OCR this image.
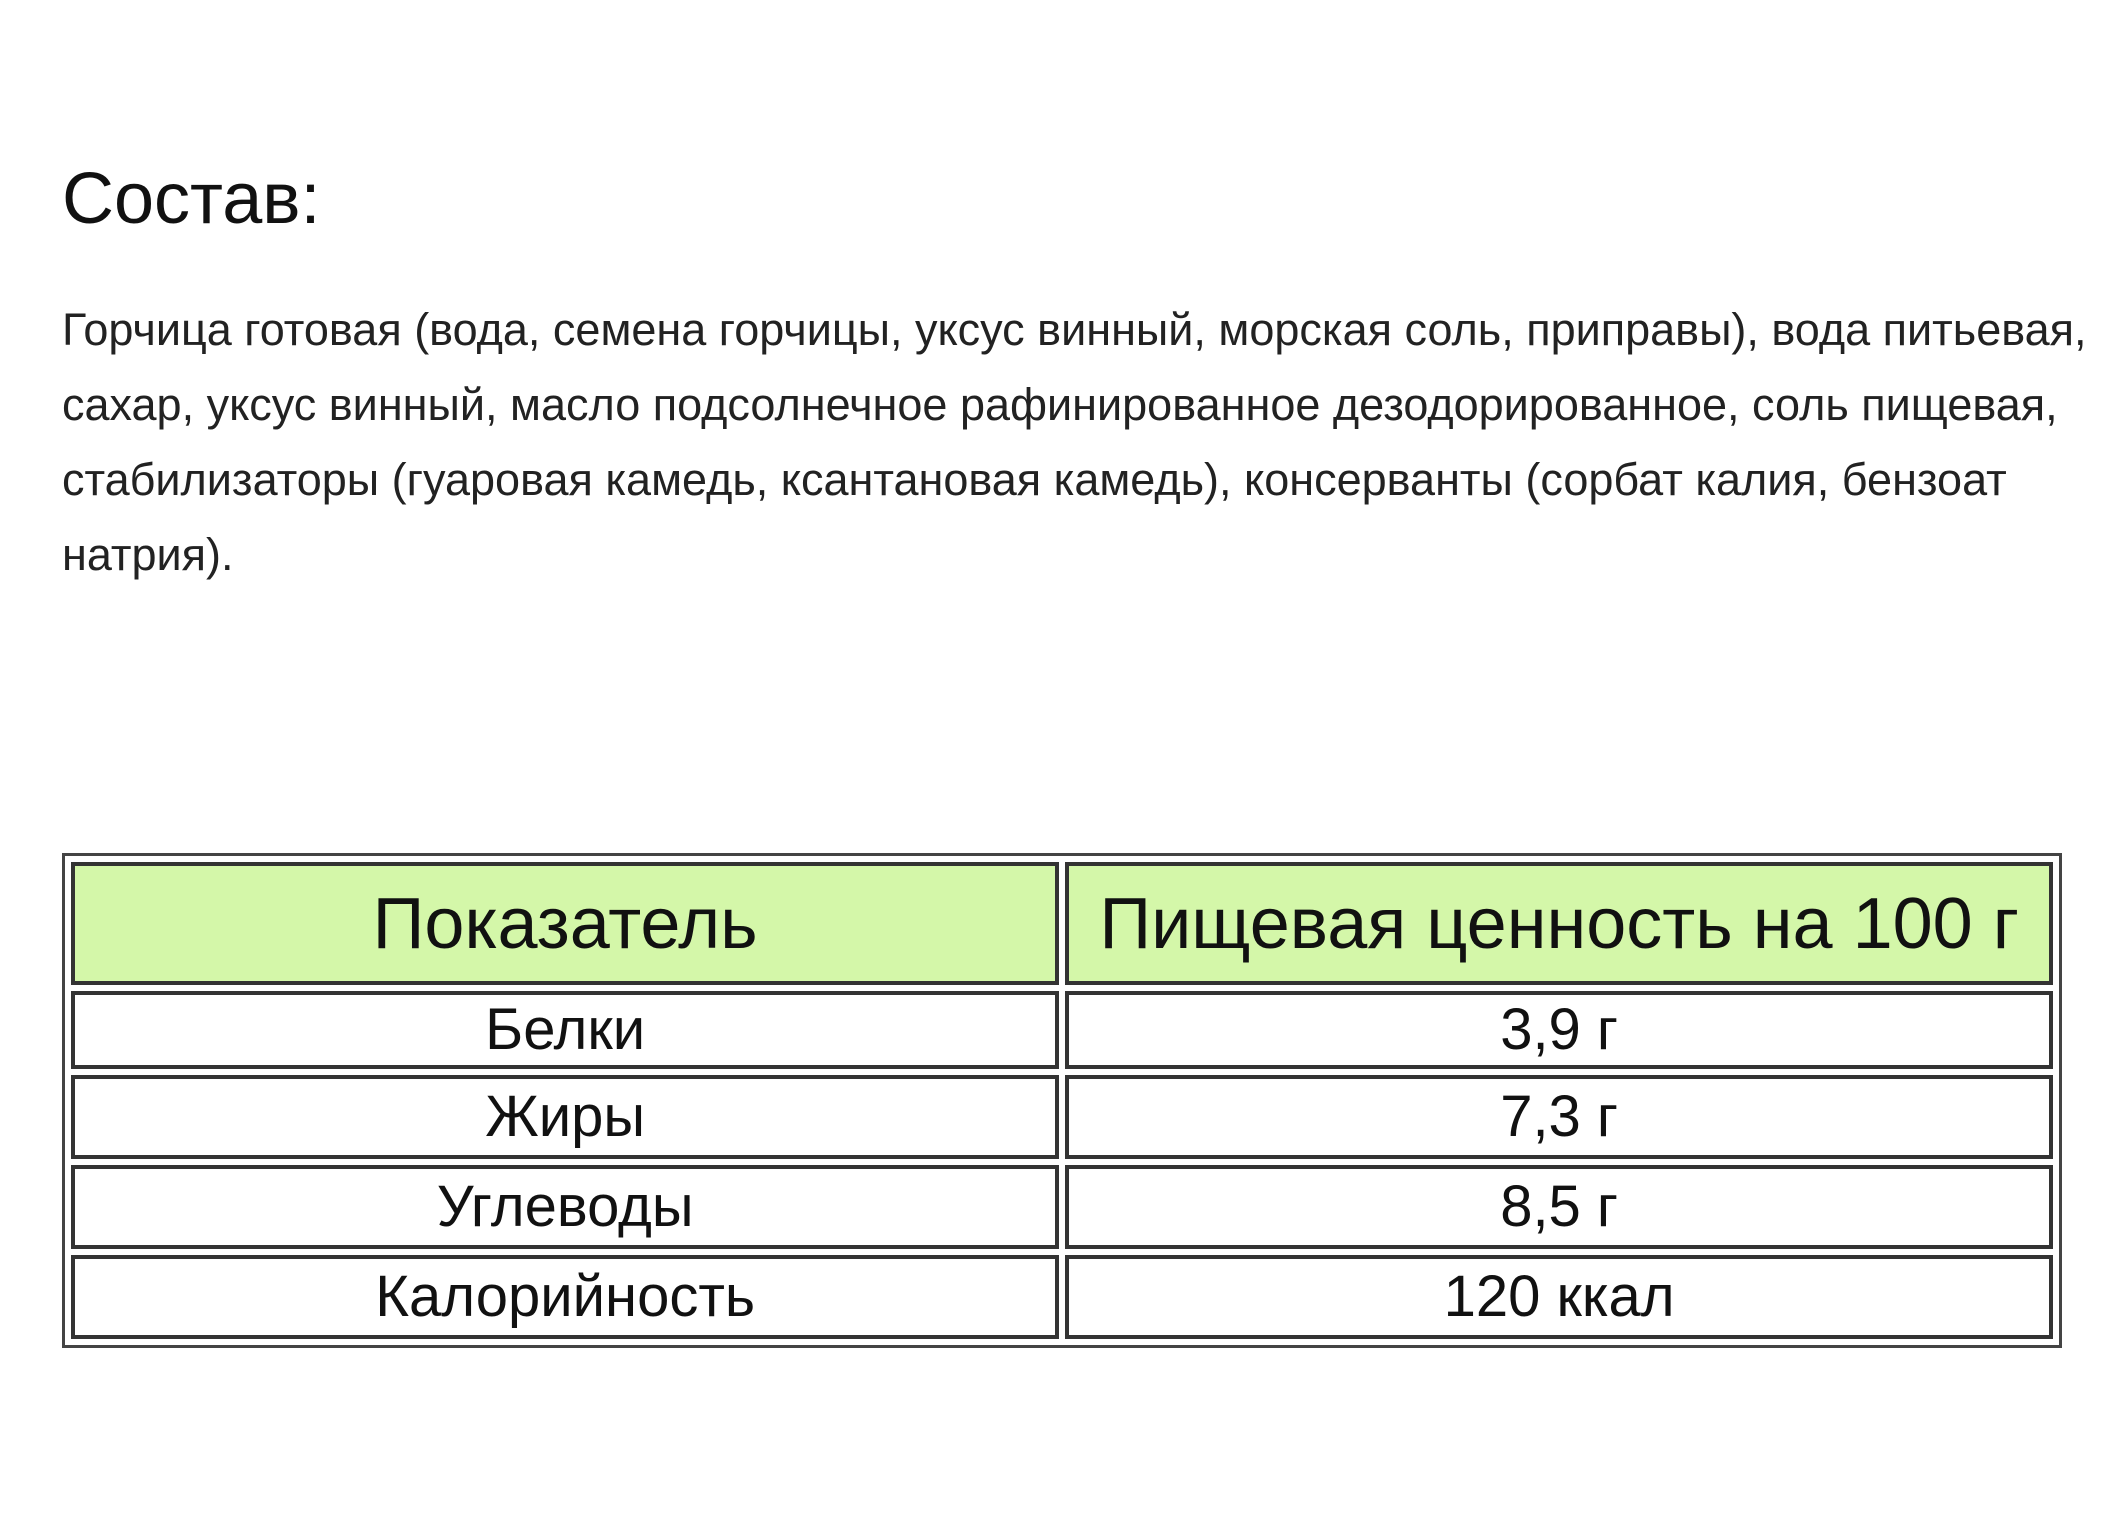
Состав:

Горчица готовая (вода, семена горчицы, уксус винный, морская соль, приправы), вода питьевая, сахар, уксус винный, масло подсолнечное рафинированное дезодорированное, соль пищевая, стабилизаторы (гуаровая камедь, ксантановая камедь), консерванты (сорбат калия, бензоат натрия).

Показатель	Пищевая ценность на 100 г
Белки	3,9 г
Жиры	7,3 г
Углеводы	8,5 г
Калорийность	120 ккал
